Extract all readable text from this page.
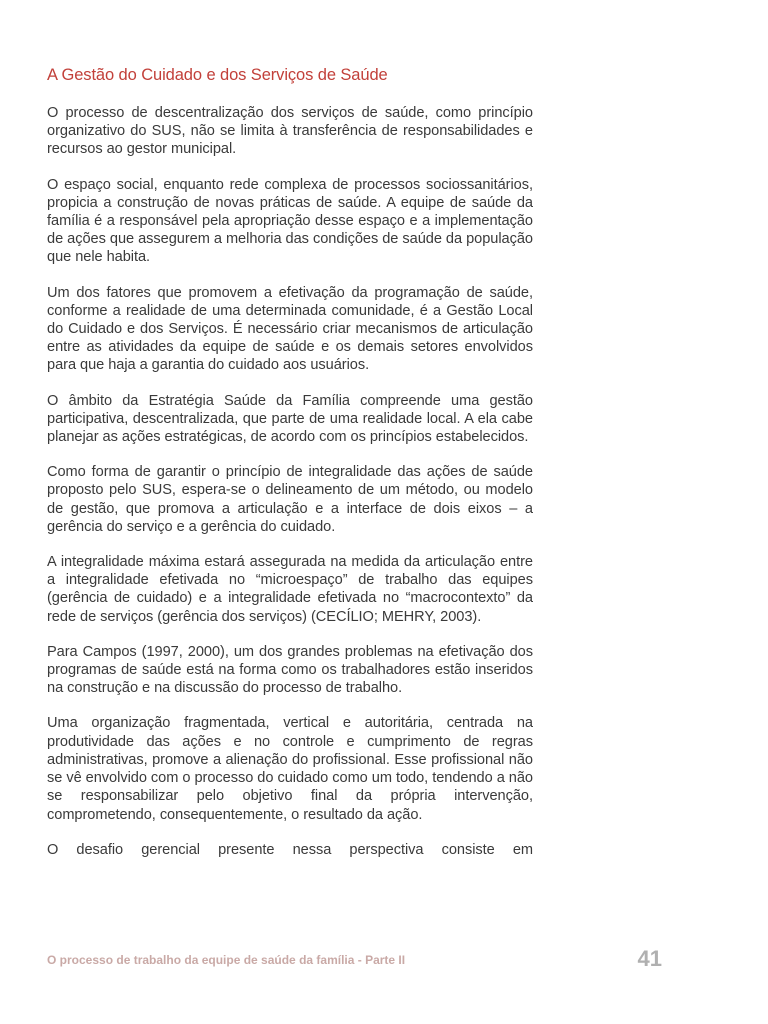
A Gestão do Cuidado e dos Serviços de Saúde

O processo de descentralização dos serviços de saúde, como princípio organizativo do SUS, não se limita à transferência de responsabilidades e recursos ao gestor municipal.

O espaço social, enquanto rede complexa de processos sociossanitários, propicia a construção de novas práticas de saúde. A equipe de saúde da família é a responsável pela apropriação desse espaço e a implementação de ações que assegurem a melhoria das condições de saúde da população que nele habita.

Um dos fatores que promovem a efetivação da programação de saúde, conforme a realidade de uma determinada comunidade, é a Gestão Local do Cuidado e dos Serviços. É necessário criar mecanismos de articulação entre as atividades da equipe de saúde e os demais setores envolvidos para que haja a garantia do cuidado aos usuários.

O âmbito da Estratégia Saúde da Família compreende uma gestão participativa, descentralizada, que parte de uma realidade local. A ela cabe planejar as ações estratégicas, de acordo com os princípios estabelecidos.

Como forma de garantir o princípio de integralidade das ações de saúde proposto pelo SUS, espera-se o delineamento de um método, ou modelo de gestão, que promova a articulação e a interface de dois eixos – a gerência do serviço e a gerência do cuidado.

A integralidade máxima estará assegurada na medida da articulação entre a integralidade efetivada no “microespaço” de trabalho das equipes (gerência de cuidado) e a integralidade efetivada no “macrocontexto” da rede de serviços (gerência dos serviços) (CECÍLIO; MEHRY, 2003).

Para Campos (1997, 2000), um dos grandes problemas na efetivação dos programas de saúde está na forma como os trabalhadores estão inseridos na construção e na discussão do processo de trabalho.

Uma organização fragmentada, vertical e autoritária, centrada na produtividade das ações e no controle e cumprimento de regras administrativas, promove a alienação do profissional. Esse profissional não se vê envolvido com o processo do cuidado como um todo, tendendo a não se responsabilizar pelo objetivo final da própria intervenção, comprometendo, consequentemente, o resultado da ação.

O desafio gerencial presente nessa perspectiva consiste em

O processo de trabalho da equipe de saúde da família - Parte II	41
